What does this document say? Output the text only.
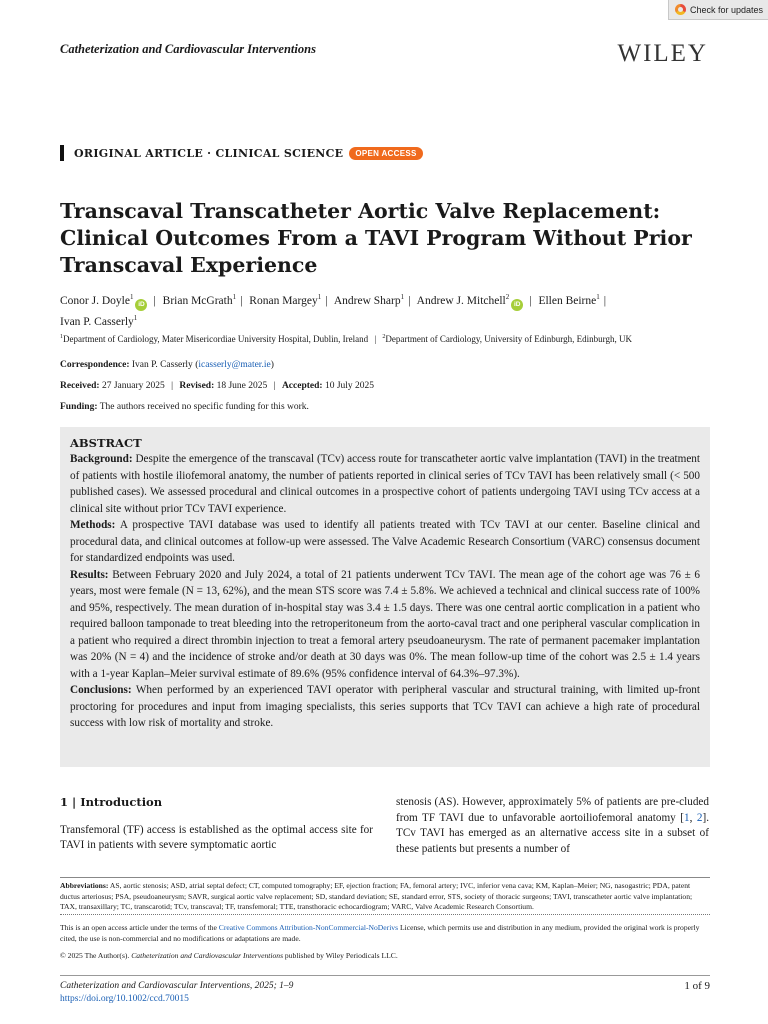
Check for updates
Catheterization and Cardiovascular Interventions	WILEY
ORIGINAL ARTICLE · CLINICAL SCIENCE	OPEN ACCESS
Transcaval Transcatheter Aortic Valve Replacement: Clinical Outcomes From a TAVI Program Without Prior Transcaval Experience
Conor J. Doyle$^1$iD | Brian McGrath$^1$ | Ronan Margey$^1$ | Andrew Sharp$^1$ | Andrew J. Mitchell$^2$iD | Ellen Beirne$^1$ |
Ivan P. Casserly$^1$
$^1$Department of Cardiology, Mater Misericordiae University Hospital, Dublin, Ireland | $^2$Department of Cardiology, University of Edinburgh, Edinburgh, UK
Correspondence: Ivan P. Casserly (icasserly@mater.ie)
Received: 27 January 2025 | Revised: 18 June 2025 | Accepted: 10 July 2025
Funding: The authors received no specific funding for this work.
ABSTRACT

Background: Despite the emergence of the transcaval (TCv) access route for transcatheter aortic valve implantation (TAVI) in the treatment of patients with hostile iliofemoral anatomy, the number of patients reported in clinical series of TCv TAVI has been relatively small (< 500 published cases). We assessed procedural and clinical outcomes in a prospective cohort of patients undergoing TAVI using TCv access at a clinical site without prior TCv TAVI experience.

Methods: A prospective TAVI database was used to identify all patients treated with TCv TAVI at our center. Baseline clinical and procedural data, and clinical outcomes at follow-up were assessed. The Valve Academic Research Consortium (VARC) consensus document for standardized endpoints was used.

Results: Between February 2020 and July 2024, a total of 21 patients underwent TCv TAVI. The mean age of the cohort age was 76 ± 6 years, most were female (N = 13, 62%), and the mean STS score was 7.4 ± 5.8%. We achieved a technical and clinical success rate of 100% and 95%, respectively. The mean duration of in-hospital stay was 3.4 ± 1.5 days. There was one central aortic complication in a patient who required balloon tamponade to treat bleeding into the retroperitoneum from the aorto-caval tract and one peripheral vascular complication in a patient who required a direct thrombin injection to treat a femoral artery pseudoaneurysm. The rate of permanent pacemaker implantation was 20% (N = 4) and the incidence of stroke and/or death at 30 days was 0%. The mean follow-up time of the cohort was 2.5 ± 1.4 years with a 1-year Kaplan–Meier survival estimate of 89.6% (95% confidence interval of 64.3%–97.3%).

Conclusions: When performed by an experienced TAVI operator with peripheral vascular and structural training, with limited up-front proctoring for procedures and input from imaging specialists, this series supports that TCv TAVI can achieve a high rate of procedural success with low risk of mortality and stroke.

1 | Introduction

Transfemoral (TF) access is established as the optimal access site for TAVI in patients with severe symptomatic aortic

stenosis (AS). However, approximately 5% of patients are pre-cluded from TF TAVI due to unfavorable aortoiliofemoral anatomy [1, 2]. TCv TAVI has emerged as an alternative access site in a subset of these patients but presents a number of

Abbreviations: AS, aortic stenosis; ASD, atrial septal defect; CT, computed tomography; EF, ejection fraction; FA, femoral artery; IVC, inferior vena cava; KM, Kaplan–Meier; NG, nasogastric; PDA, patent ductus arteriosus; PSA, pseudoaneurysm; SAVR, surgical aortic valve replacement; SD, standard deviation; SE, standard error, STS, society of thoracic surgeons; TAVI, transcatheter aortic valve implantation; TAX, transaxillary; TC, transcarotid; TCv, transcaval; TF, transfemoral; TTE, transthoracic echocardiogram; VARC, Valve Academic Research Consortium.
This is an open access article under the terms of the Creative Commons Attribution-NonCommercial-NoDerivs License, which permits use and distribution in any medium, provided the original work is properly cited, the use is non-commercial and no modifications or adaptations are made.
© 2025 The Author(s). Catheterization and Cardiovascular Interventions published by Wiley Periodicals LLC.
Catheterization and Cardiovascular Interventions, 2025; 1–9
https://doi.org/10.1002/ccd.70015
1 of 9
